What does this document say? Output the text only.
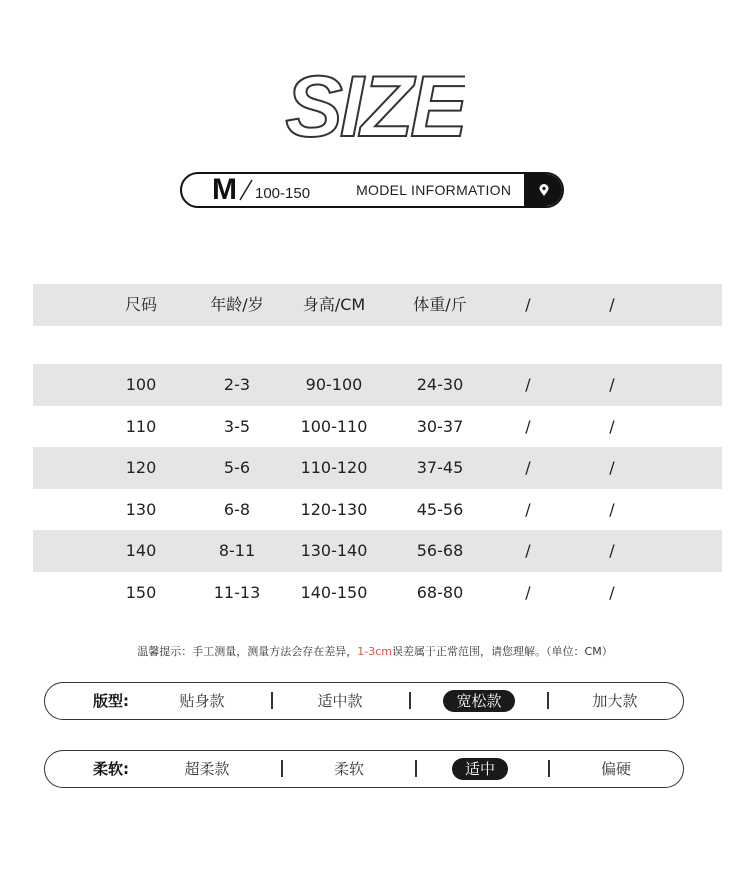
SIZE
M 100-150	MODEL INFORMATION
尺码	年龄/岁	身高/CM	体重/斤	/	/
100	2-3	90-100	24-30	/	/
110	3-5	100-110	30-37	/	/
120	5-6	110-120	37-45	/	/
130	6-8	120-130	45-56	/	/
140	8-11	130-140	56-68	/	/
150	11-13	140-150	68-80	/	/
温馨提示：手工测量，测量方法会存在差异，1-3cm误差属于正常范围，请您理解。（单位：CM）
版型:	贴身款	适中款	宽松款	加大款
柔软:	超柔款	柔软	适中	偏硬
